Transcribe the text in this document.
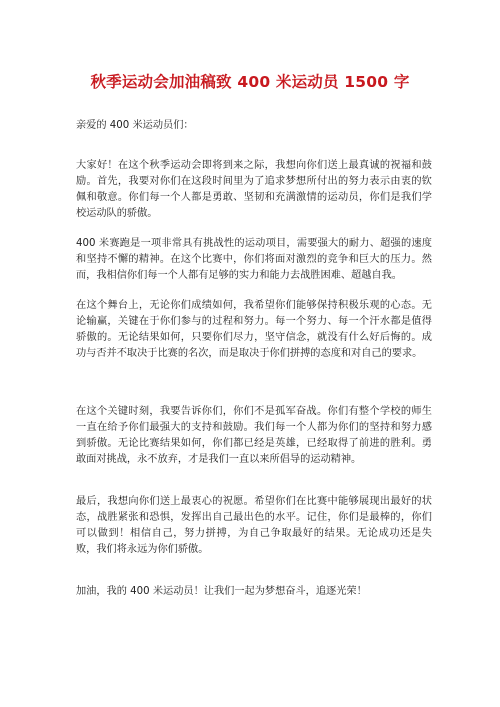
秋季运动会加油稿致 400 米运动员 1500 字

亲爱的 400 米运动员们：

大家好！在这个秋季运动会即将到来之际，我想向你们送上最真诚的祝福和鼓励。首先，我要对你们在这段时间里为了追求梦想所付出的努力表示由衷的钦佩和敬意。你们每一个人都是勇敢、坚韧和充满激情的运动员，你们是我们学校运动队的骄傲。

400 米赛跑是一项非常具有挑战性的运动项目，需要强大的耐力、超强的速度和坚持不懈的精神。在这个比赛中，你们将面对激烈的竞争和巨大的压力。然而，我相信你们每一个人都有足够的实力和能力去战胜困难、超越自我。

在这个舞台上，无论你们成绩如何，我希望你们能够保持积极乐观的心态。无论输赢，关键在于你们参与的过程和努力。每一个努力、每一个汗水都是值得骄傲的。无论结果如何，只要你们尽力，坚守信念，就没有什么好后悔的。成功与否并不取决于比赛的名次，而是取决于你们拼搏的态度和对自己的要求。

在这个关键时刻，我要告诉你们，你们不是孤军奋战。你们有整个学校的师生一直在给予你们最强大的支持和鼓励。我们每一个人都为你们的坚持和努力感到骄傲。无论比赛结果如何，你们都已经是英雄，已经取得了前进的胜利。勇敢面对挑战，永不放弃，才是我们一直以来所倡导的运动精神。

最后，我想向你们送上最衷心的祝愿。希望你们在比赛中能够展现出最好的状态，战胜紧张和恐惧，发挥出自己最出色的水平。记住，你们是最棒的，你们可以做到！相信自己，努力拼搏，为自己争取最好的结果。无论成功还是失败，我们将永远为你们骄傲。

加油，我的 400 米运动员！让我们一起为梦想奋斗，追逐光荣！
